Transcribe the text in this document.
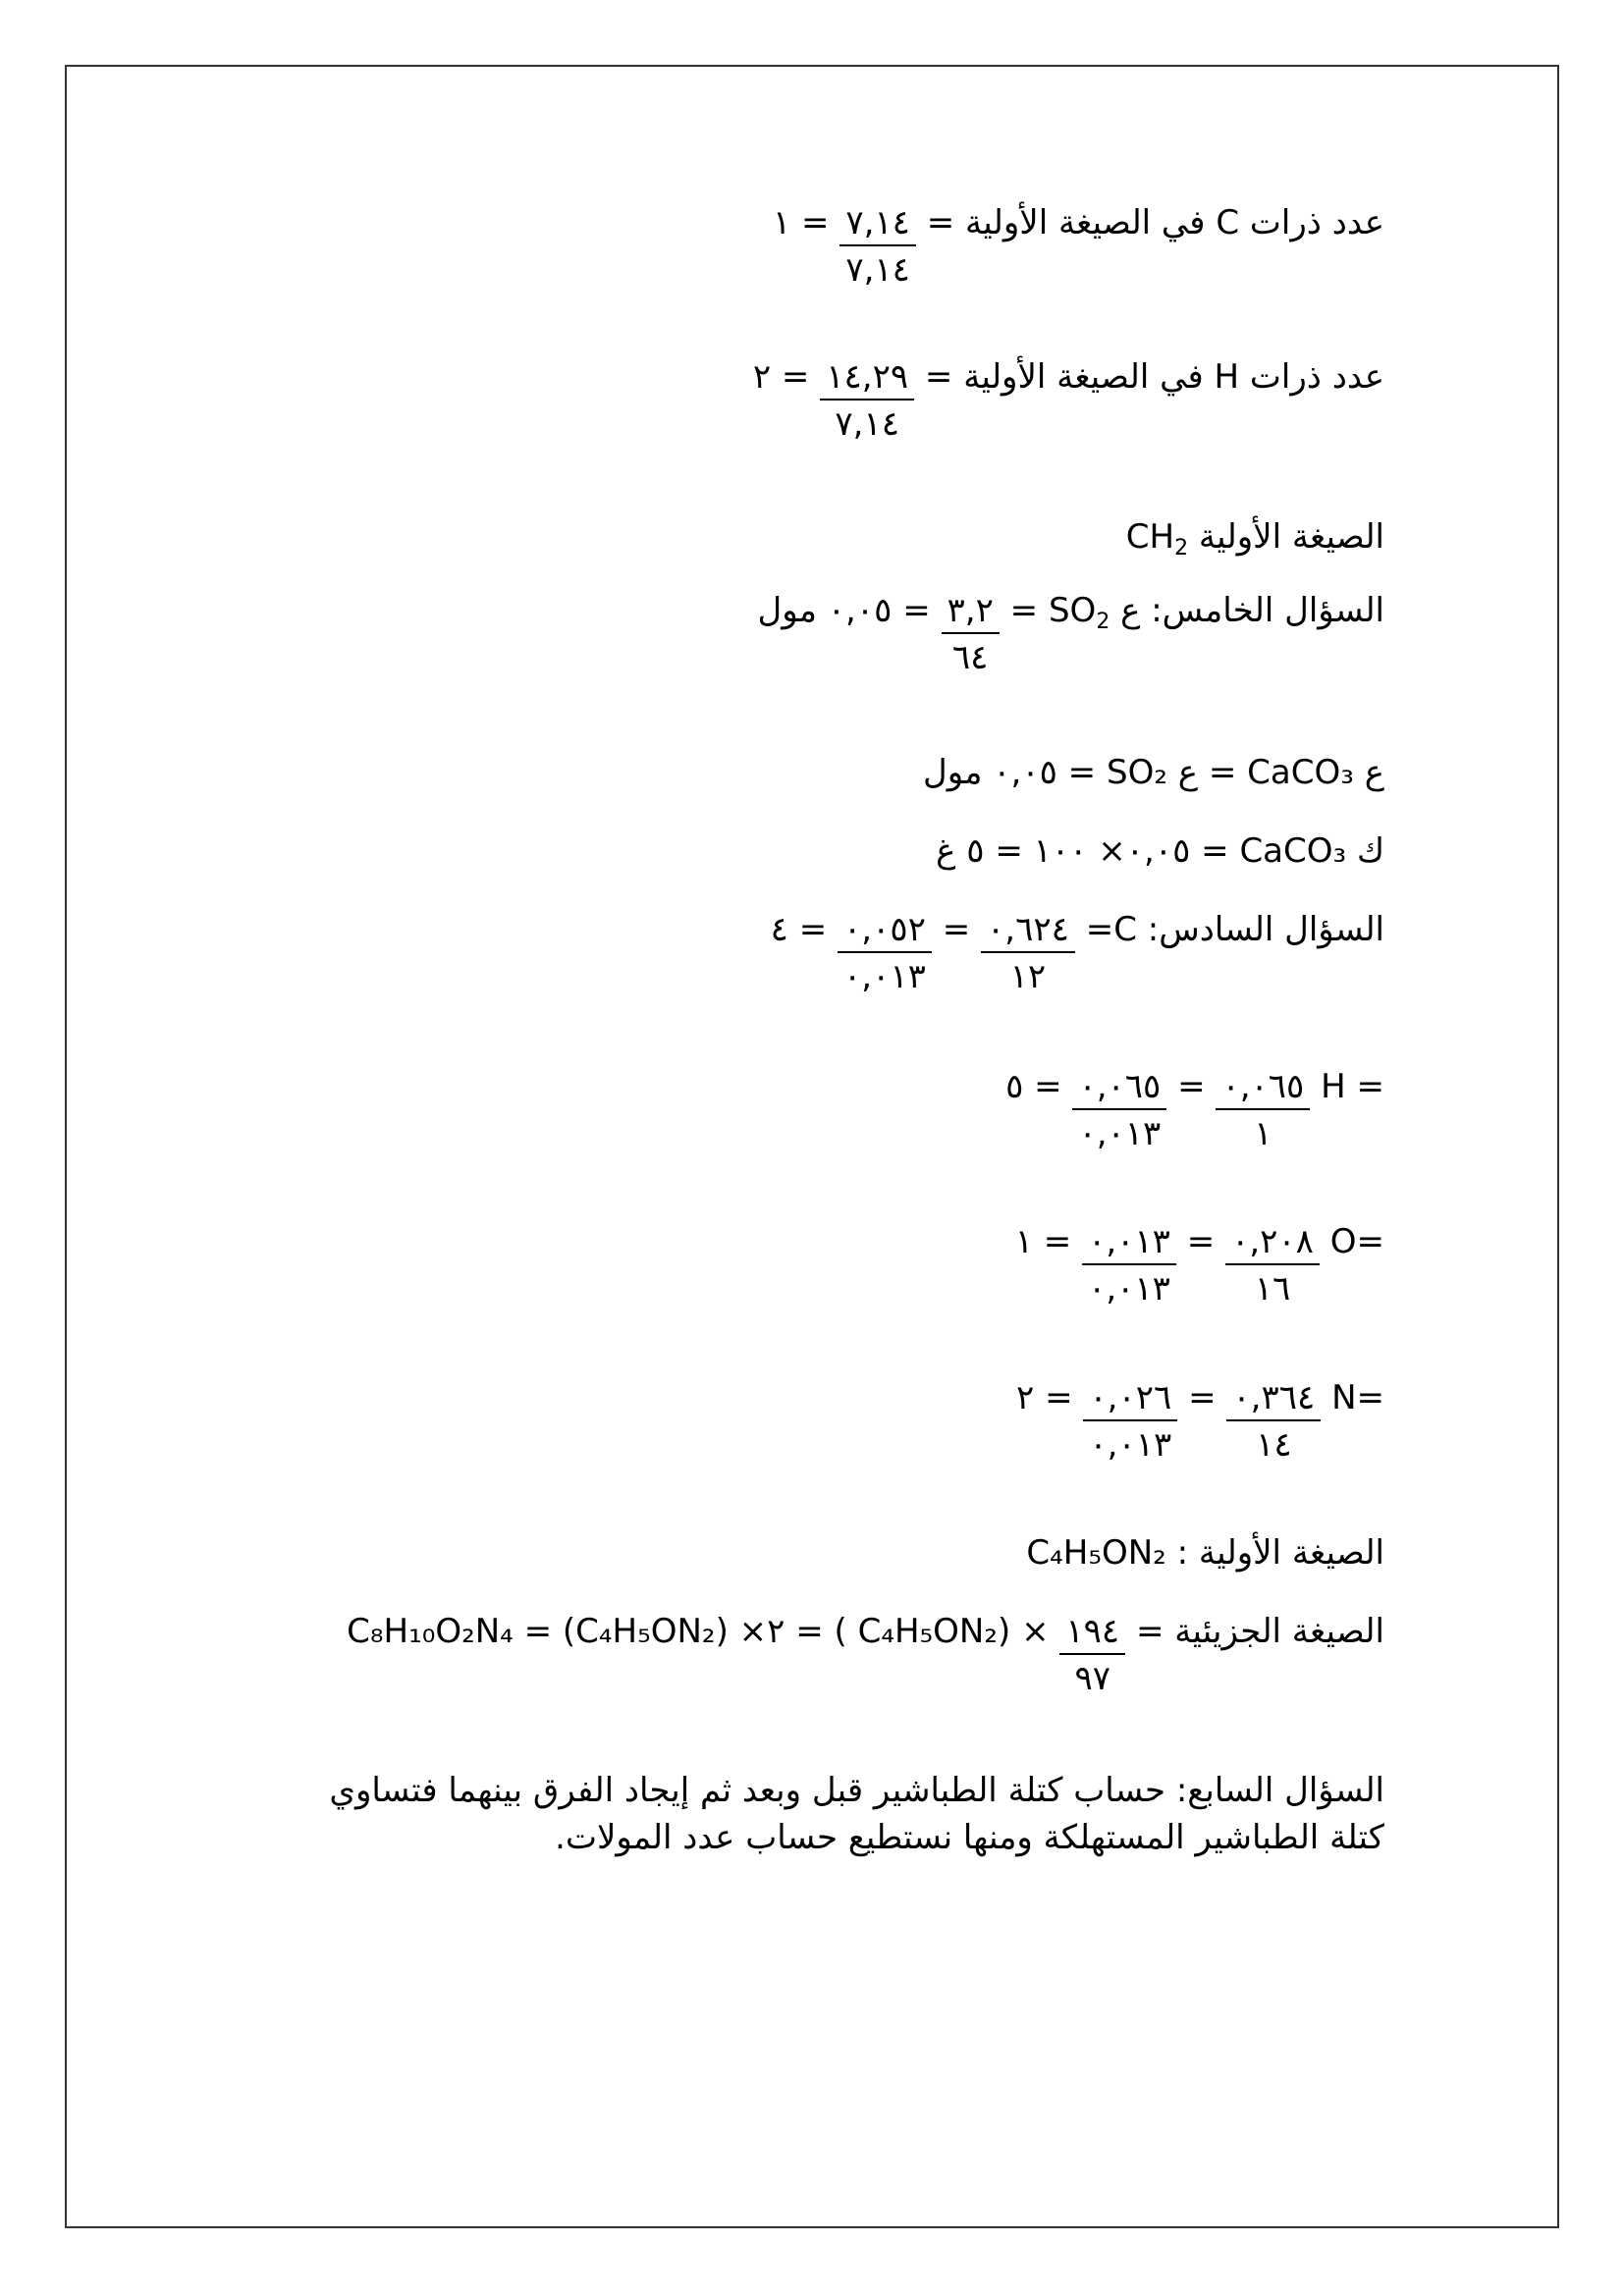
عدد ذرات C في الصيغة الأولية =
$\frac{٧,١٤}{٧,١٤}$
= ١
عدد ذرات H في الصيغة الأولية =
$\frac{١٤,٢٩}{٧,١٤}$
= ٢
الصيغة الأولية $CH_2$
السؤال الخامس: ع $SO_2$ =
$\frac{٣,٢}{٦٤}$
= ٠,٠٥ مول
ع CaCO₃ = ع SO₂ = ٠,٠٥ مول
ك CaCO₃ = ٠,٠٥× ١٠٠ = ٥ غ
السؤال السادس: C=
$\frac{٠,٦٢٤}{١٢}$
=
$\frac{٠,٠٥٢}{٠,٠١٣}$
= ٤
H =
$\frac{٠,٠٦٥}{١}$
=
$\frac{٠,٠٦٥}{٠,٠١٣}$
= ٥
O=
$\frac{٠,٢٠٨}{١٦}$
=
$\frac{٠,٠١٣}{٠,٠١٣}$
= ١
N=
$\frac{٠,٣٦٤}{١٤}$
=
$\frac{٠,٠٢٦}{٠,٠١٣}$
= ٢
الصيغة الأولية : C₄H₅ON₂
الصيغة الجزيئية =
$\frac{١٩٤}{٩٧}$
× (C₄H₅ON₂ ) = ٢× (C₄H₅ON₂) = C₈H₁₀O₂N₄
السؤال السابع: حساب كتلة الطباشير قبل وبعد ثم إيجاد الفرق بينهما فتساوي كتلة الطباشير المستهلكة ومنها نستطيع حساب عدد المولات.
